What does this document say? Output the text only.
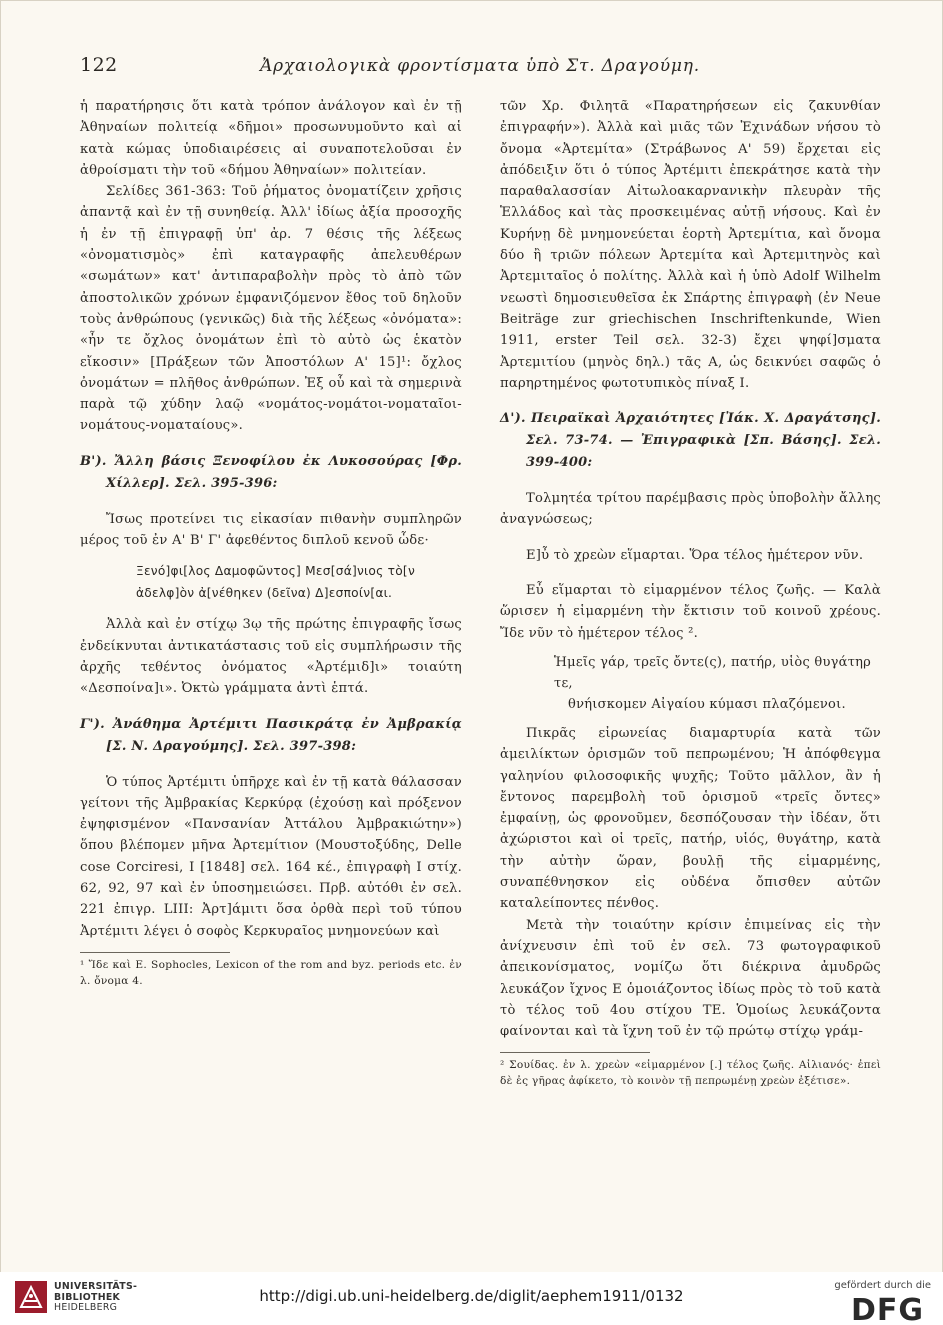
122	Ἀρχαιολογικὰ φροντίσματα ὑπὸ Στ. Δραγούμη.

ἡ παρατήρησις ὅτι κατὰ τρόπον ἀνάλογον καὶ ἐν τῇ Ἀθηναίων πολιτείᾳ «δῆμοι» προσωνυμοῦντο καὶ αἱ κατὰ κώμας ὑποδιαιρέσεις αἱ συναποτελοῦσαι ἐν ἀθροίσματι τὴν τοῦ «δήμου Ἀθηναίων» πολιτείαν.

Σελίδες 361-363: Τοῦ ῥήματος ὀνοματίζειν χρῆσις ἀπαντᾷ καὶ ἐν τῇ συνηθείᾳ. Ἀλλ' ἰδίως ἀξία προσοχῆς ἡ ἐν τῇ ἐπιγραφῇ ὑπ' ἀρ. 7 θέσις τῆς λέξεως «ὀνοματισμὸς» ἐπὶ καταγραφῆς ἀπελευθέρων «σωμάτων» κατ' ἀντιπαραβολὴν πρὸς τὸ ἀπὸ τῶν ἀποστολικῶν χρόνων ἐμφανιζόμενον ἔθος τοῦ δηλοῦν τοὺς ἀνθρώπους (γενικῶς) διὰ τῆς λέξεως «ὀνόματα»: «ἦν τε ὄχλος ὀνομάτων ἐπὶ τὸ αὐτὸ ὡς ἑκατὸν εἴκοσιν» [Πράξεων τῶν Ἀποστόλων Α' 15]¹: ὄχλος ὀνομάτων = πλῆθος ἀνθρώπων. Ἐξ οὗ καὶ τὰ σημερινὰ παρὰ τῷ χύδην λαῷ «νομάτος-νομάτοι-νοματαῖοι-νομάτους-νοματαίους».

Β'). Ἄλλη βάσις Ξενοφίλου ἐκ Λυκοσούρας [Φρ. Χίλλερ]. Σελ. 395-396:

Ἴσως προτείνει τις εἰκασίαν πιθανὴν συμπληρῶν μέρος τοῦ ἐν Α' Β' Γ' ἀφεθέντος διπλοῦ κενοῦ ὧδε·

Ξενό]φι[λος Δαμοφῶντος] Μεσ[σά]νιος τὸ[ν ἀδελφ]ὸν ἀ[νέθηκεν (δεῖνα) Δ]εσποίν[αι.

Ἀλλὰ καὶ ἐν στίχῳ 3ῳ τῆς πρώτης ἐπιγραφῆς ἴσως ἐνδείκνυται ἀντικατάστασις τοῦ εἰς συμπλήρωσιν τῆς ἀρχῆς τεθέντος ὀνόματος «Ἀρτέμιδ]ι» τοιαύτη «Δεσποίνα]ι». Ὀκτὼ γράμματα ἀντὶ ἑπτά.

Γ'). Ἀνάθημα Ἀρτέμιτι Πασικράτᾳ ἐν Ἀμβρακίᾳ [Σ. Ν. Δραγούμης]. Σελ. 397-398:

Ὁ τύπος Ἀρτέμιτι ὑπῆρχε καὶ ἐν τῇ κατὰ θάλασσαν γείτονι τῆς Ἀμβρακίας Κερκύρᾳ (ἐχούσῃ καὶ πρόξενον ἐψηφισμένον «Πανσανίαν Ἀττάλου Ἀμβρακιώτην») ὅπου βλέπομεν μῆνα Ἀρτεμίτιον (Μουστοξύδης, Delle cose Corciresi, I [1848] σελ. 164 κέ., ἐπιγραφὴ I στίχ. 62, 92, 97 καὶ ἐν ὑποσημειώσει. Πρβ. αὐτόθι ἐν σελ. 221 ἐπιγρ. LIII: Ἀρτ]άμιτι ὅσα ὀρθὰ περὶ τοῦ τύπου Ἀρτέμιτι λέγει ὁ σοφὸς Κερκυραῖος μνημονεύων καὶ

¹ Ἴδε καὶ E. Sophocles, Lexicon of the rom and byz. periods etc. ἐν λ. ὄνομα 4.

τῶν Χρ. Φιλητᾶ «Παρατηρήσεων εἰς ζακυνθίαν ἐπιγραφήν»). Ἀλλὰ καὶ μιᾶς τῶν Ἐχινάδων νήσου τὸ ὄνομα «Ἀρτεμίτα» (Στράβωνος Α' 59) ἔρχεται εἰς ἀπόδειξιν ὅτι ὁ τύπος Ἀρτέμιτι ἐπεκράτησε κατὰ τὴν παραθαλασσίαν Αἰτωλοακαρνανικὴν πλευρὰν τῆς Ἑλλάδος καὶ τὰς προσκειμένας αὐτῇ νήσους. Καὶ ἐν Κυρήνῃ δὲ μνημονεύεται ἑορτὴ Ἀρτεμίτια, καὶ ὄνομα δύο ἢ τριῶν πόλεων Ἀρτεμίτα καὶ Ἀρτεμιτηνὸς καὶ Ἀρτεμιταῖος ὁ πολίτης. Ἀλλὰ καὶ ἡ ὑπὸ Adolf Wilhelm νεωστὶ δημοσιευθεῖσα ἐκ Σπάρτης ἐπιγραφὴ (ἐν Neue Beiträge zur griechischen Inschriftenkunde, Wien 1911, erster Teil σελ. 32-3) ἔχει ψηφί]σματα Ἀρτεμιτίου (μηνὸς δηλ.) τᾶς Α, ὡς δεικνύει σαφῶς ὁ παρηρτημένος φωτοτυπικὸς πίναξ I.

Δ'). Πειραϊκαὶ Ἀρχαιότητες [Ἰάκ. Χ. Δραγάτσης]. Σελ. 73-74. — Ἐπιγραφικὰ [Σπ. Βάσης]. Σελ. 399-400:

Τολμητέα τρίτου παρέμβασις πρὸς ὑποβολὴν ἄλλης ἀναγνώσεως;

Ε]ὖ τὸ χρεὼν εἵμαρται. Ὅρα τέλος ἡμέτερον νῦν.

Εὖ εἵμαρται τὸ εἱμαρμένον τέλος ζωῆς. — Καλὰ ὥρισεν ἡ εἱμαρμένη τὴν ἔκτισιν τοῦ κοινοῦ χρέους. Ἴδε νῦν τὸ ἡμέτερον τέλος ².

Ἡμεῖς γάρ, τρεῖς ὄντε(ς), πατήρ, υἱὸς θυγάτηρ τε,
θνήισκομεν Αἰγαίου κύμασι πλαζόμενοι.

Πικρᾶς εἰρωνείας διαμαρτυρία κατὰ τῶν ἀμειλίκτων ὁρισμῶν τοῦ πεπρωμένου; Ἡ ἀπόφθεγμα γαληνίου φιλοσοφικῆς ψυχῆς; Τοῦτο μᾶλλον, ἂν ἡ ἔντονος παρεμβολὴ τοῦ ὁρισμοῦ «τρεῖς ὄντες» ἐμφαίνῃ, ὡς φρονοῦμεν, δεσπόζουσαν τὴν ἰδέαν, ὅτι ἀχώριστοι καὶ οἱ τρεῖς, πατήρ, υἱός, θυγάτηρ, κατὰ τὴν αὐτὴν ὥραν, βουλῇ τῆς εἱμαρμένης, συναπέθνησκον εἰς οὐδένα ὄπισθεν αὐτῶν καταλείποντες πένθος.

Μετὰ τὴν τοιαύτην κρίσιν ἐπιμείνας εἰς τὴν ἀνίχνευσιν ἐπὶ τοῦ ἐν σελ. 73 φωτογραφικοῦ ἀπεικονίσματος, νομίζω ὅτι διέκρινα ἀμυδρῶς λευκάζον ἴχνος Ε ὁμοιάζοντος ἰδίως πρὸς τὸ τοῦ κατὰ τὸ τέλος τοῦ 4ου στίχου ΤΕ. Ὁμοίως λευκάζοντα φαίνονται καὶ τὰ ἴχνη τοῦ ἐν τῷ πρώτῳ στίχῳ γράμ-

² Σουίδας. ἐν λ. χρεὼν «εἱμαρμένον [.] τέλος ζωῆς. Αἰλιανός· ἐπεὶ δὲ ἐς γῆρας ἀφίκετο, τὸ κοινὸν τῇ πεπρωμένῃ χρεὼν ἐξέτισε».

UNIVERSITÄTS-
BIBLIOTHEK
HEIDELBERG
http://digi.ub.uni-heidelberg.de/diglit/aephem1911/0132
gefördert durch die
DFG
